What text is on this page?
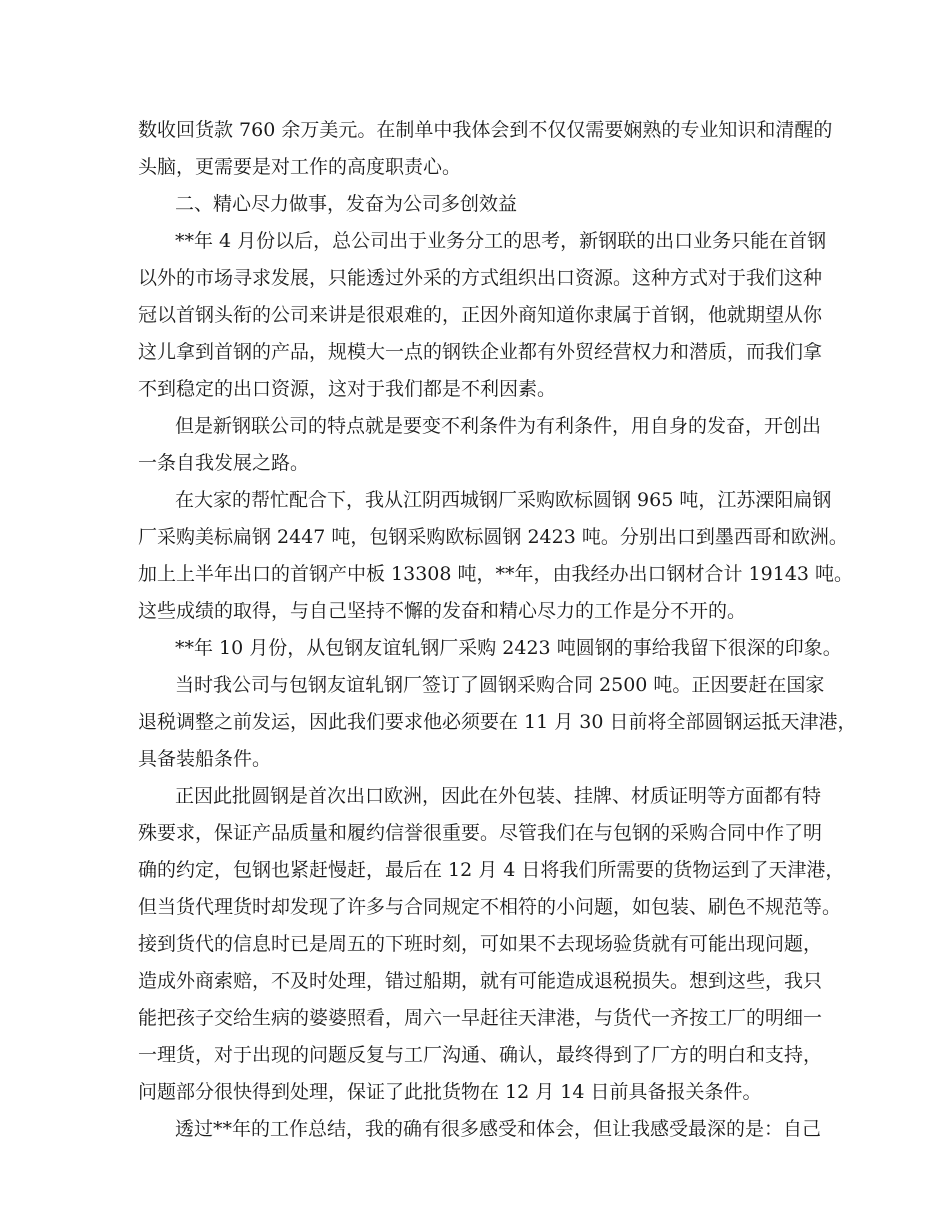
数收回货款 760 余万美元。在制单中我体会到不仅仅需要娴熟的专业知识和清醒的
头脑，更需要是对工作的高度职责心。
二、精心尽力做事，发奋为公司多创效益
**年 4 月份以后，总公司出于业务分工的思考，新钢联的出口业务只能在首钢
以外的市场寻求发展，只能透过外采的方式组织出口资源。这种方式对于我们这种
冠以首钢头衔的公司来讲是很艰难的，正因外商知道你隶属于首钢，他就期望从你
这儿拿到首钢的产品，规模大一点的钢铁企业都有外贸经营权力和潜质，而我们拿
不到稳定的出口资源，这对于我们都是不利因素。
但是新钢联公司的特点就是要变不利条件为有利条件，用自身的发奋，开创出
一条自我发展之路。
在大家的帮忙配合下，我从江阴西城钢厂采购欧标圆钢 965 吨，江苏溧阳扁钢
厂采购美标扁钢 2447 吨，包钢采购欧标圆钢 2423 吨。分别出口到墨西哥和欧洲。
加上上半年出口的首钢产中板 13308 吨，**年，由我经办出口钢材合计 19143 吨。
这些成绩的取得，与自己坚持不懈的发奋和精心尽力的工作是分不开的。
**年 10 月份，从包钢友谊轧钢厂采购 2423 吨圆钢的事给我留下很深的印象。
当时我公司与包钢友谊轧钢厂签订了圆钢采购合同 2500 吨。正因要赶在国家
退税调整之前发运，因此我们要求他必须要在 11 月 30 日前将全部圆钢运抵天津港，
具备装船条件。
正因此批圆钢是首次出口欧洲，因此在外包装、挂牌、材质证明等方面都有特
殊要求，保证产品质量和履约信誉很重要。尽管我们在与包钢的采购合同中作了明
确的约定，包钢也紧赶慢赶，最后在 12 月 4 日将我们所需要的货物运到了天津港，
但当货代理货时却发现了许多与合同规定不相符的小问题，如包装、刷色不规范等。
接到货代的信息时已是周五的下班时刻，可如果不去现场验货就有可能出现问题，
造成外商索赔，不及时处理，错过船期，就有可能造成退税损失。想到这些，我只
能把孩子交给生病的婆婆照看，周六一早赶往天津港，与货代一齐按工厂的明细一
一理货，对于出现的问题反复与工厂沟通、确认，最终得到了厂方的明白和支持，
问题部分很快得到处理，保证了此批货物在 12 月 14 日前具备报关条件。
透过**年的工作总结，我的确有很多感受和体会，但让我感受最深的是：自己
